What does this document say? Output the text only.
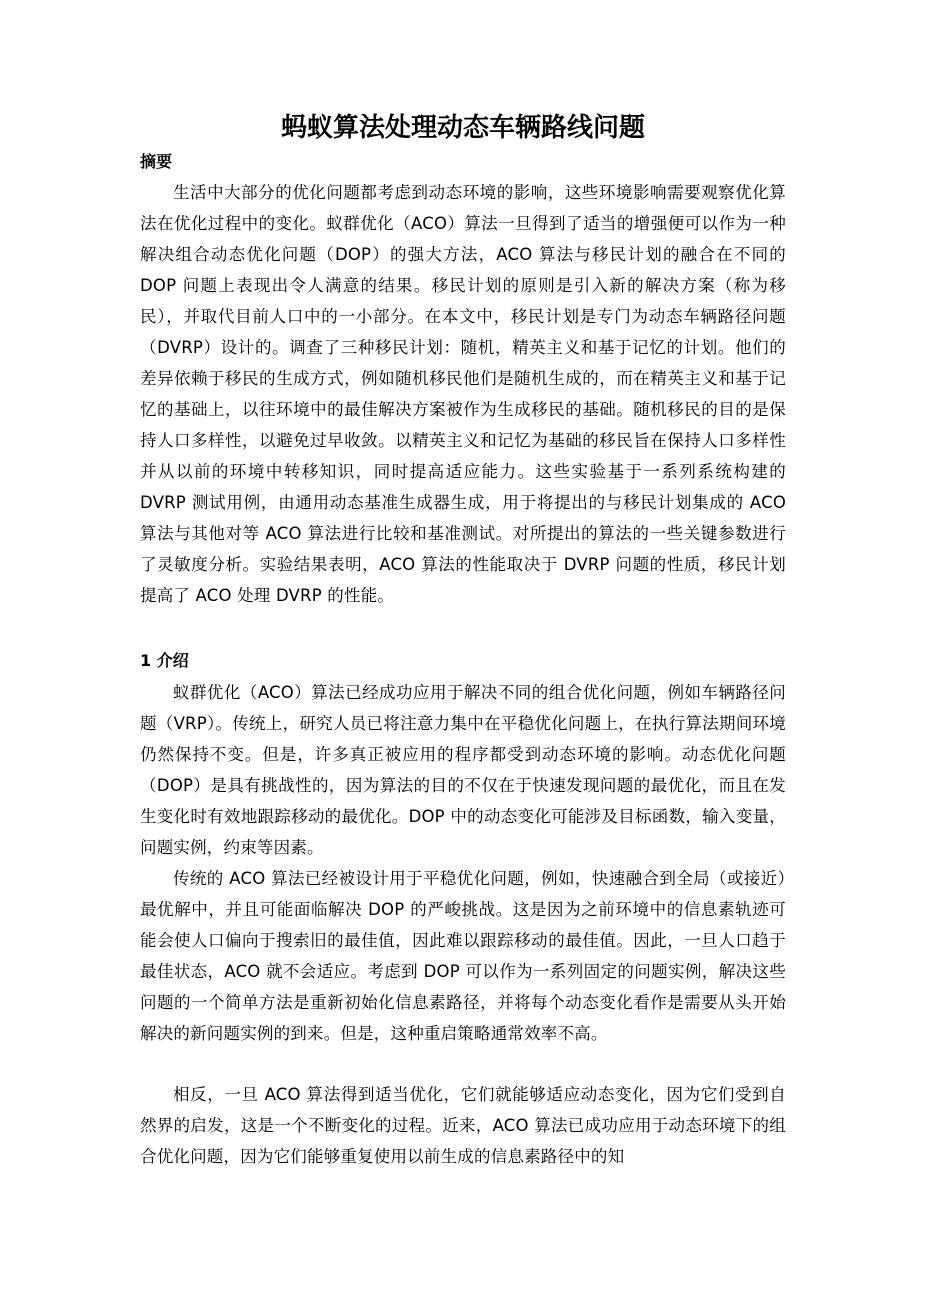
蚂蚁算法处理动态车辆路线问题
摘要

生活中大部分的优化问题都考虑到动态环境的影响，这些环境影响需要观察优化算法在优化过程中的变化。蚁群优化（ACO）算法一旦得到了适当的增强便可以作为一种解决组合动态优化问题（DOP）的强大方法，ACO 算法与移民计划的融合在不同的 DOP 问题上表现出令人满意的结果。移民计划的原则是引入新的解决方案（称为移民），并取代目前人口中的一小部分。在本文中，移民计划是专门为动态车辆路径问题（DVRP）设计的。调查了三种移民计划：随机，精英主义和基于记忆的计划。他们的差异依赖于移民的生成方式，例如随机移民他们是随机生成的，而在精英主义和基于记忆的基础上，以往环境中的最佳解决方案被作为生成移民的基础。随机移民的目的是保持人口多样性，以避免过早收敛。以精英主义和记忆为基础的移民旨在保持人口多样性并从以前的环境中转移知识，同时提高适应能力。这些实验基于一系列系统构建的 DVRP 测试用例，由通用动态基准生成器生成，用于将提出的与移民计划集成的 ACO 算法与其他对等 ACO 算法进行比较和基准测试。对所提出的算法的一些关键参数进行了灵敏度分析。实验结果表明，ACO 算法的性能取决于 DVRP 问题的性质，移民计划提高了 ACO 处理 DVRP 的性能。

1 介绍

蚁群优化（ACO）算法已经成功应用于解决不同的组合优化问题，例如车辆路径问题（VRP）。传统上，研究人员已将注意力集中在平稳优化问题上，在执行算法期间环境仍然保持不变。但是，许多真正被应用的程序都受到动态环境的影响。动态优化问题（DOP）是具有挑战性的，因为算法的目的不仅在于快速发现问题的最优化，而且在发生变化时有效地跟踪移动的最优化。DOP 中的动态变化可能涉及目标函数，输入变量，问题实例，约束等因素。

传统的 ACO 算法已经被设计用于平稳优化问题，例如，快速融合到全局（或接近）最优解中，并且可能面临解决 DOP 的严峻挑战。这是因为之前环境中的信息素轨迹可能会使人口偏向于搜索旧的最佳值，因此难以跟踪移动的最佳值。因此，一旦人口趋于最佳状态，ACO 就不会适应。考虑到 DOP 可以作为一系列固定的问题实例，解决这些问题的一个简单方法是重新初始化信息素路径，并将每个动态变化看作是需要从头开始解决的新问题实例的到来。但是，这种重启策略通常效率不高。

相反，一旦 ACO 算法得到适当优化，它们就能够适应动态变化，因为它们受到自然界的启发，这是一个不断变化的过程。近来，ACO 算法已成功应用于动态环境下的组合优化问题，因为它们能够重复使用以前生成的信息素路径中的知
